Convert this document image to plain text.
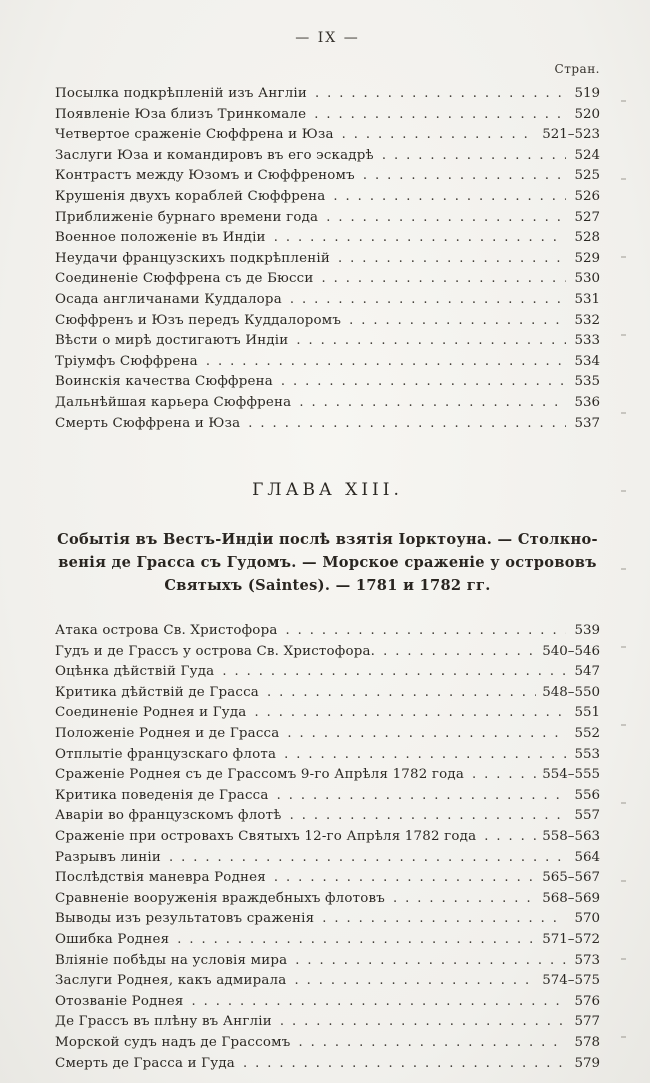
— IX —
Стран.
Посылка подкрѣпленій изъ Англіи .....	519
Появленіе Юза близъ Тринкомале .....	520
Четвертое сраженіе Сюффрена и Юза .....	521–523
Заслуги Юза и командировъ въ его эскадрѣ .....	524
Контрастъ между Юзомъ и Сюффреномъ .....	525
Крушенія двухъ кораблей Сюффрена .....	526
Приближеніе бурнаго времени года .....	527
Военное положеніе въ Индіи .....	528
Неудачи французскихъ подкрѣпленій .....	529
Соединеніе Сюффрена съ де Бюсси .....	530
Осада англичанами Куддалора .....	531
Сюффренъ и Юзъ передъ Куддалоромъ .....	532
Вѣсти о мирѣ достигаютъ Индіи .....	533
Тріумфъ Сюффрена .....	534
Воинскія качества Сюффрена .....	535
Дальнѣйшая карьера Сюффрена .....	536
Смерть Сюффрена и Юза .....	537
ГЛАВА XIII.
Событія въ Вестъ-Индіи послѣ взятія Іорктоуна. — Столкно-
венія де Грасса съ Гудомъ. — Морское сраженіе у острововъ
Святыхъ (Saintes). — 1781 и 1782 гг.
Атака острова Св. Христофора .....	539
Гудъ и де Грассъ у острова Св. Христофора. .....	540–546
Оцѣнка дѣйствій Гуда .....	547
Критика дѣйствій де Грасса .....	548–550
Соединеніе Роднея и Гуда .....	551
Положеніе Роднея и де Грасса .....	552
Отплытіе французскаго флота .....	553
Сраженіе Роднея съ де Грассомъ 9-го Апрѣля 1782 года .....	554–555
Критика поведенія де Грасса .....	556
Аваріи во французскомъ флотѣ .....	557
Сраженіе при островахъ Святыхъ 12-го Апрѣля 1782 года .....	558–563
Разрывъ линіи .....	564
Послѣдствія маневра Роднея .....	565–567
Сравненіе вооруженія враждебныхъ флотовъ .....	568–569
Выводы изъ результатовъ сраженія .....	570
Ошибка Роднея .....	571–572
Вліяніе побѣды на условія мира .....	573
Заслуги Роднея, какъ адмирала .....	574–575
Отозваніе Роднея .....	576
Де Грассъ въ плѣну въ Англіи .....	577
Морской судъ надъ де Грассомъ .....	578
Смерть де Грасса и Гуда .....	579
